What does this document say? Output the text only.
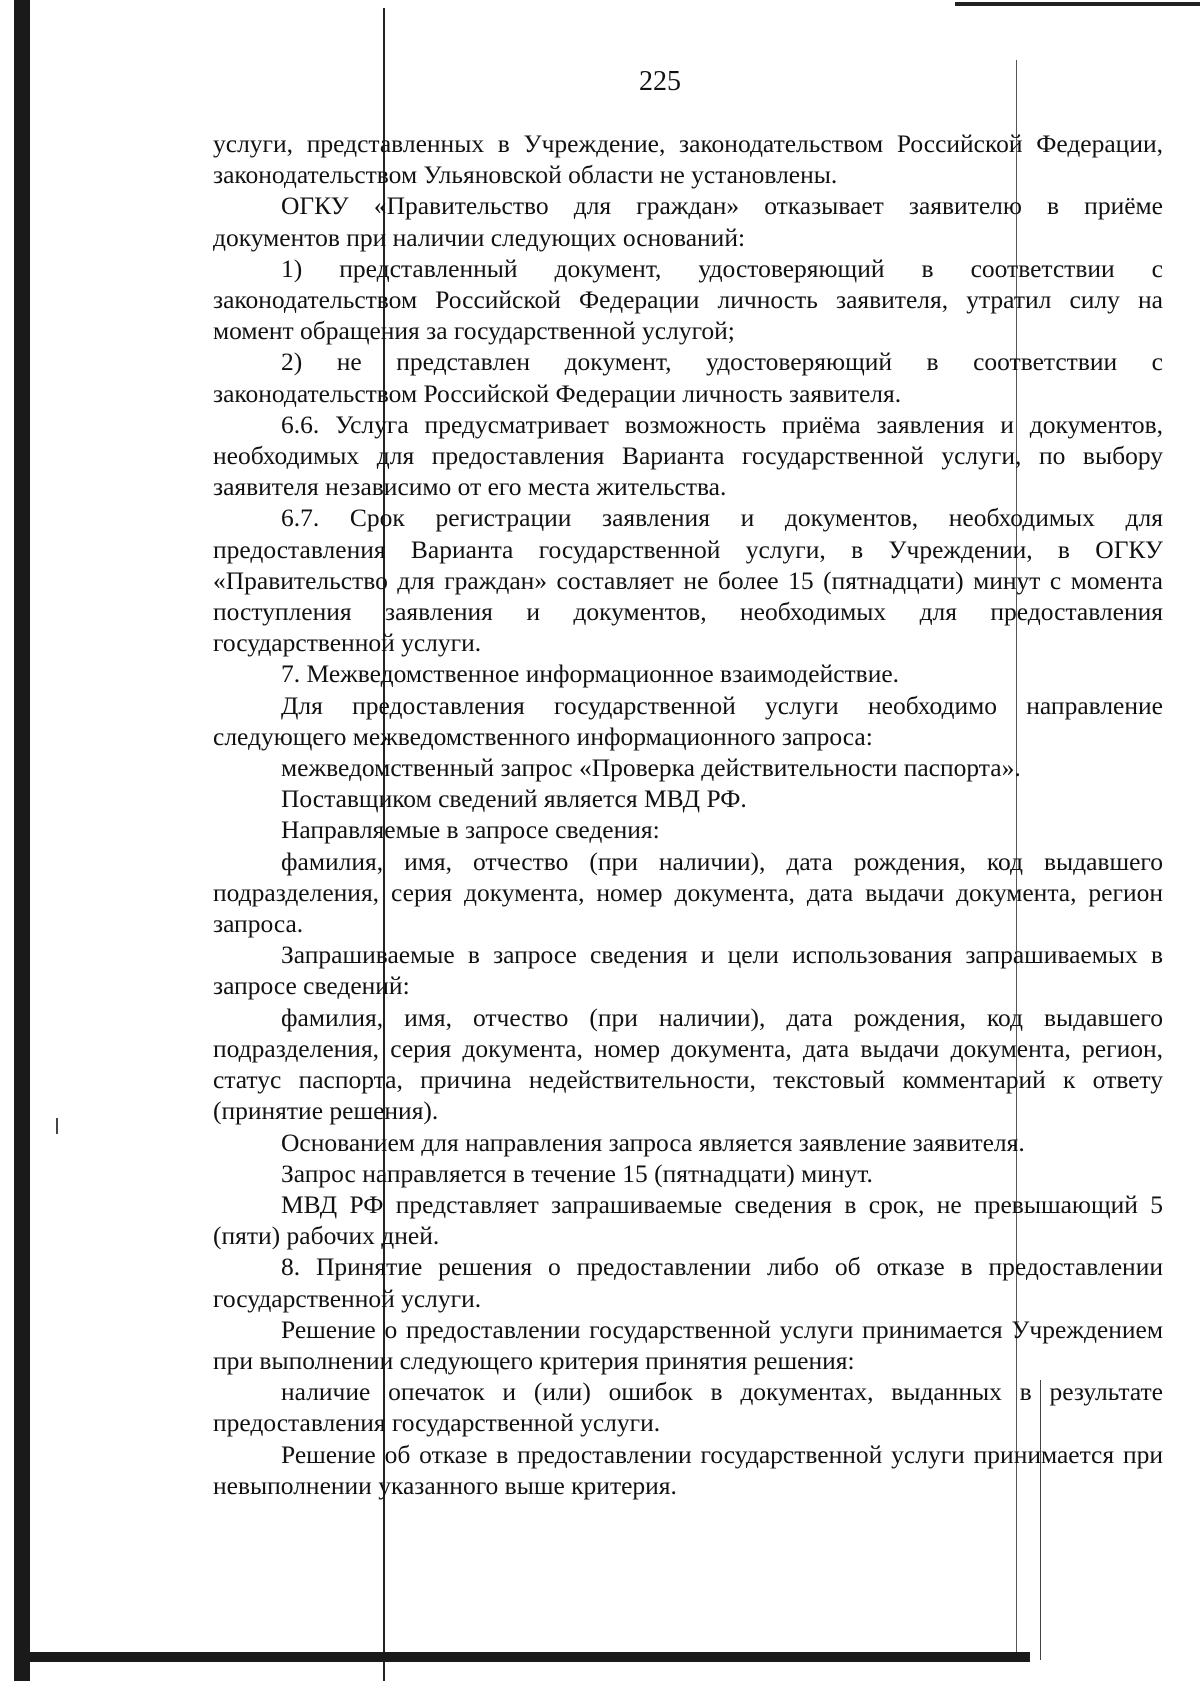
225

услуги, представленных в Учреждение, законодательством Российской Федерации, законодательством Ульяновской области не установлены.

ОГКУ «Правительство для граждан» отказывает заявителю в приёме документов при наличии следующих оснований:

1) представленный документ, удостоверяющий в соответствии с законодательством Российской Федерации личность заявителя, утратил силу на момент обращения за государственной услугой;

2) не представлен документ, удостоверяющий в соответствии с законодательством Российской Федерации личность заявителя.

6.6. Услуга предусматривает возможность приёма заявления и документов, необходимых для предоставления Варианта государственной услуги, по выбору заявителя независимо от его места жительства.

6.7. Срок регистрации заявления и документов, необходимых для предоставления Варианта государственной услуги, в Учреждении, в ОГКУ «Правительство для граждан» составляет не более 15 (пятнадцати) минут с момента поступления заявления и документов, необходимых для предоставления государственной услуги.

7. Межведомственное информационное взаимодействие.

Для предоставления государственной услуги необходимо направление следующего межведомственного информационного запроса:

межведомственный запрос «Проверка действительности паспорта».

Поставщиком сведений является МВД РФ.

Направляемые в запросе сведения:

фамилия, имя, отчество (при наличии), дата рождения, код выдавшего подразделения, серия документа, номер документа, дата выдачи документа, регион запроса.

Запрашиваемые в запросе сведения и цели использования запрашиваемых в запросе сведений:

фамилия, имя, отчество (при наличии), дата рождения, код выдавшего подразделения, серия документа, номер документа, дата выдачи документа, регион, статус паспорта, причина недействительности, текстовый комментарий к ответу (принятие решения).

Основанием для направления запроса является заявление заявителя.

Запрос направляется в течение 15 (пятнадцати) минут.

МВД РФ представляет запрашиваемые сведения в срок, не превышающий 5 (пяти) рабочих дней.

8. Принятие решения о предоставлении либо об отказе в предоставлении государственной услуги.

Решение о предоставлении государственной услуги принимается Учреждением при выполнении следующего критерия принятия решения:

наличие опечаток и (или) ошибок в документах, выданных в результате предоставления государственной услуги.

Решение об отказе в предоставлении государственной услуги принимается при невыполнении указанного выше критерия.
